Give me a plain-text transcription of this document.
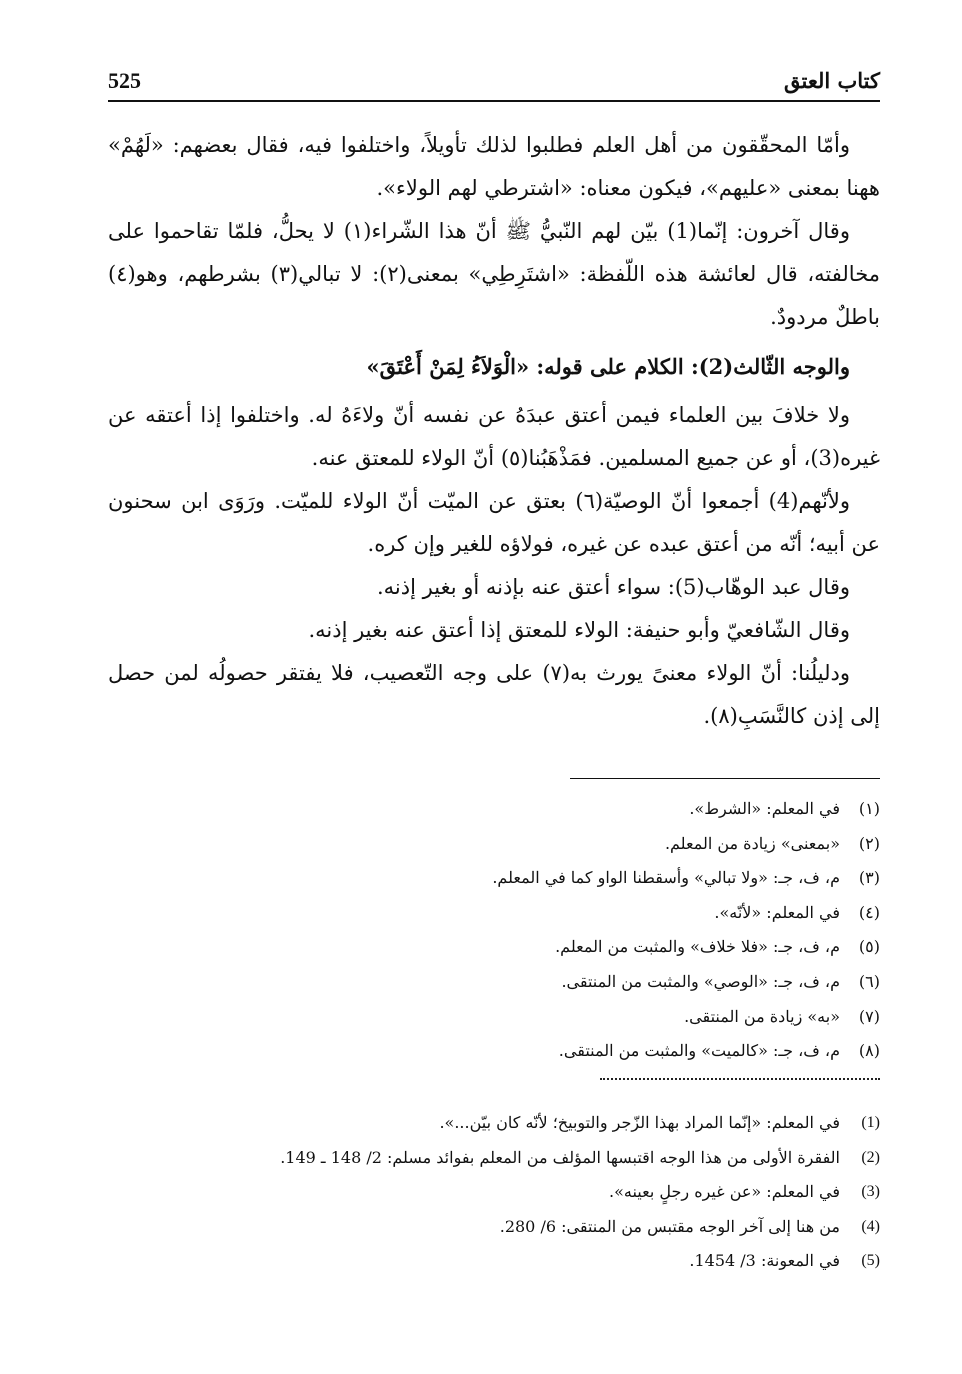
كتاب العتق
525

وأمّا المحقّقون من أهل العلم فطلبوا لذلك تأويلاً، واختلفوا فيه، فقال بعضهم: «لَهُمْ» ههنا بمعنى «عليهم»، فيكون معناه: «اشترطي لهم الولاء».

وقال آخرون: إنّما(1) بيّن لهم النّبيُّ ﷺ أنّ هذا الشّراء(١) لا يحلُّ، فلمّا تقاحموا على مخالفته، قال لعائشة هذه اللّفظة: «اشتَرِطِي» بمعنى(٢): لا تبالي(٣) بشرطهم، وهو(٤) باطلٌ مردودٌ.

والوجه الثّالث(2): الكلام على قوله: «الْوَلاَءُ لِمَنْ أَعْتَقَ»

ولا خلافَ بين العلماء فيمن أعتق عبدَهُ عن نفسه أنّ ولاءَهُ له. واختلفوا إذا أعتقه عن غيره(3)، أو عن جميع المسلمين. فمَذْهَبُنا(٥) أنّ الولاء للمعتق عنه.

ولأنّهم(4) أجمعوا أنّ الوصيّة(٦) بعتق عن الميّت أنّ الولاء للميّت. ورَوَى ابن سحنون عن أبيه؛ أنّه من أعتق عبده عن غيره، فولاؤه للغير وإن كره.

وقال عبد الوهّاب(5): سواء أعتق عنه بإذنه أو بغير إذنه.

وقال الشّافعيّ وأبو حنيفة: الولاء للمعتق إذا أعتق عنه بغير إذنه.

ودليلُنا: أنّ الولاء معنىً يورث به(٧) على وجه التّعصيب، فلا يفتقر حصولُه لمن حصل إلى إذن كالنَّسَبِ(٨).

(١)
في المعلم: «الشرط».
(٢)
«بمعنى» زيادة من المعلم.
(٣)
م، ف، جـ: «ولا تبالي» وأسقطنا الواو كما في المعلم.
(٤)
في المعلم: «لأنّه».
(٥)
م، ف، جـ: «فلا خلاف» والمثبت من المعلم.
(٦)
م، ف، جـ: «الوصي» والمثبت من المنتقى.
(٧)
«به» زيادة من المنتقى.
(٨)
م، ف، جـ: «كالميت» والمثبت من المنتقى.
(1)
في المعلم: «إنّما المراد بهذا الزّجر والتوبيخ؛ لأنّه كان بيّن...».
(2)
الفقرة الأولى من هذا الوجه اقتبسها المؤلف من المعلم بفوائد مسلم: 2/ 148 ـ 149.
(3)
في المعلم: «عن غيره رجلٍ بعينه».
(4)
من هنا إلى آخر الوجه مقتبس من المنتقى: 6/ 280.
(5)
في المعونة: 3/ 1454.
